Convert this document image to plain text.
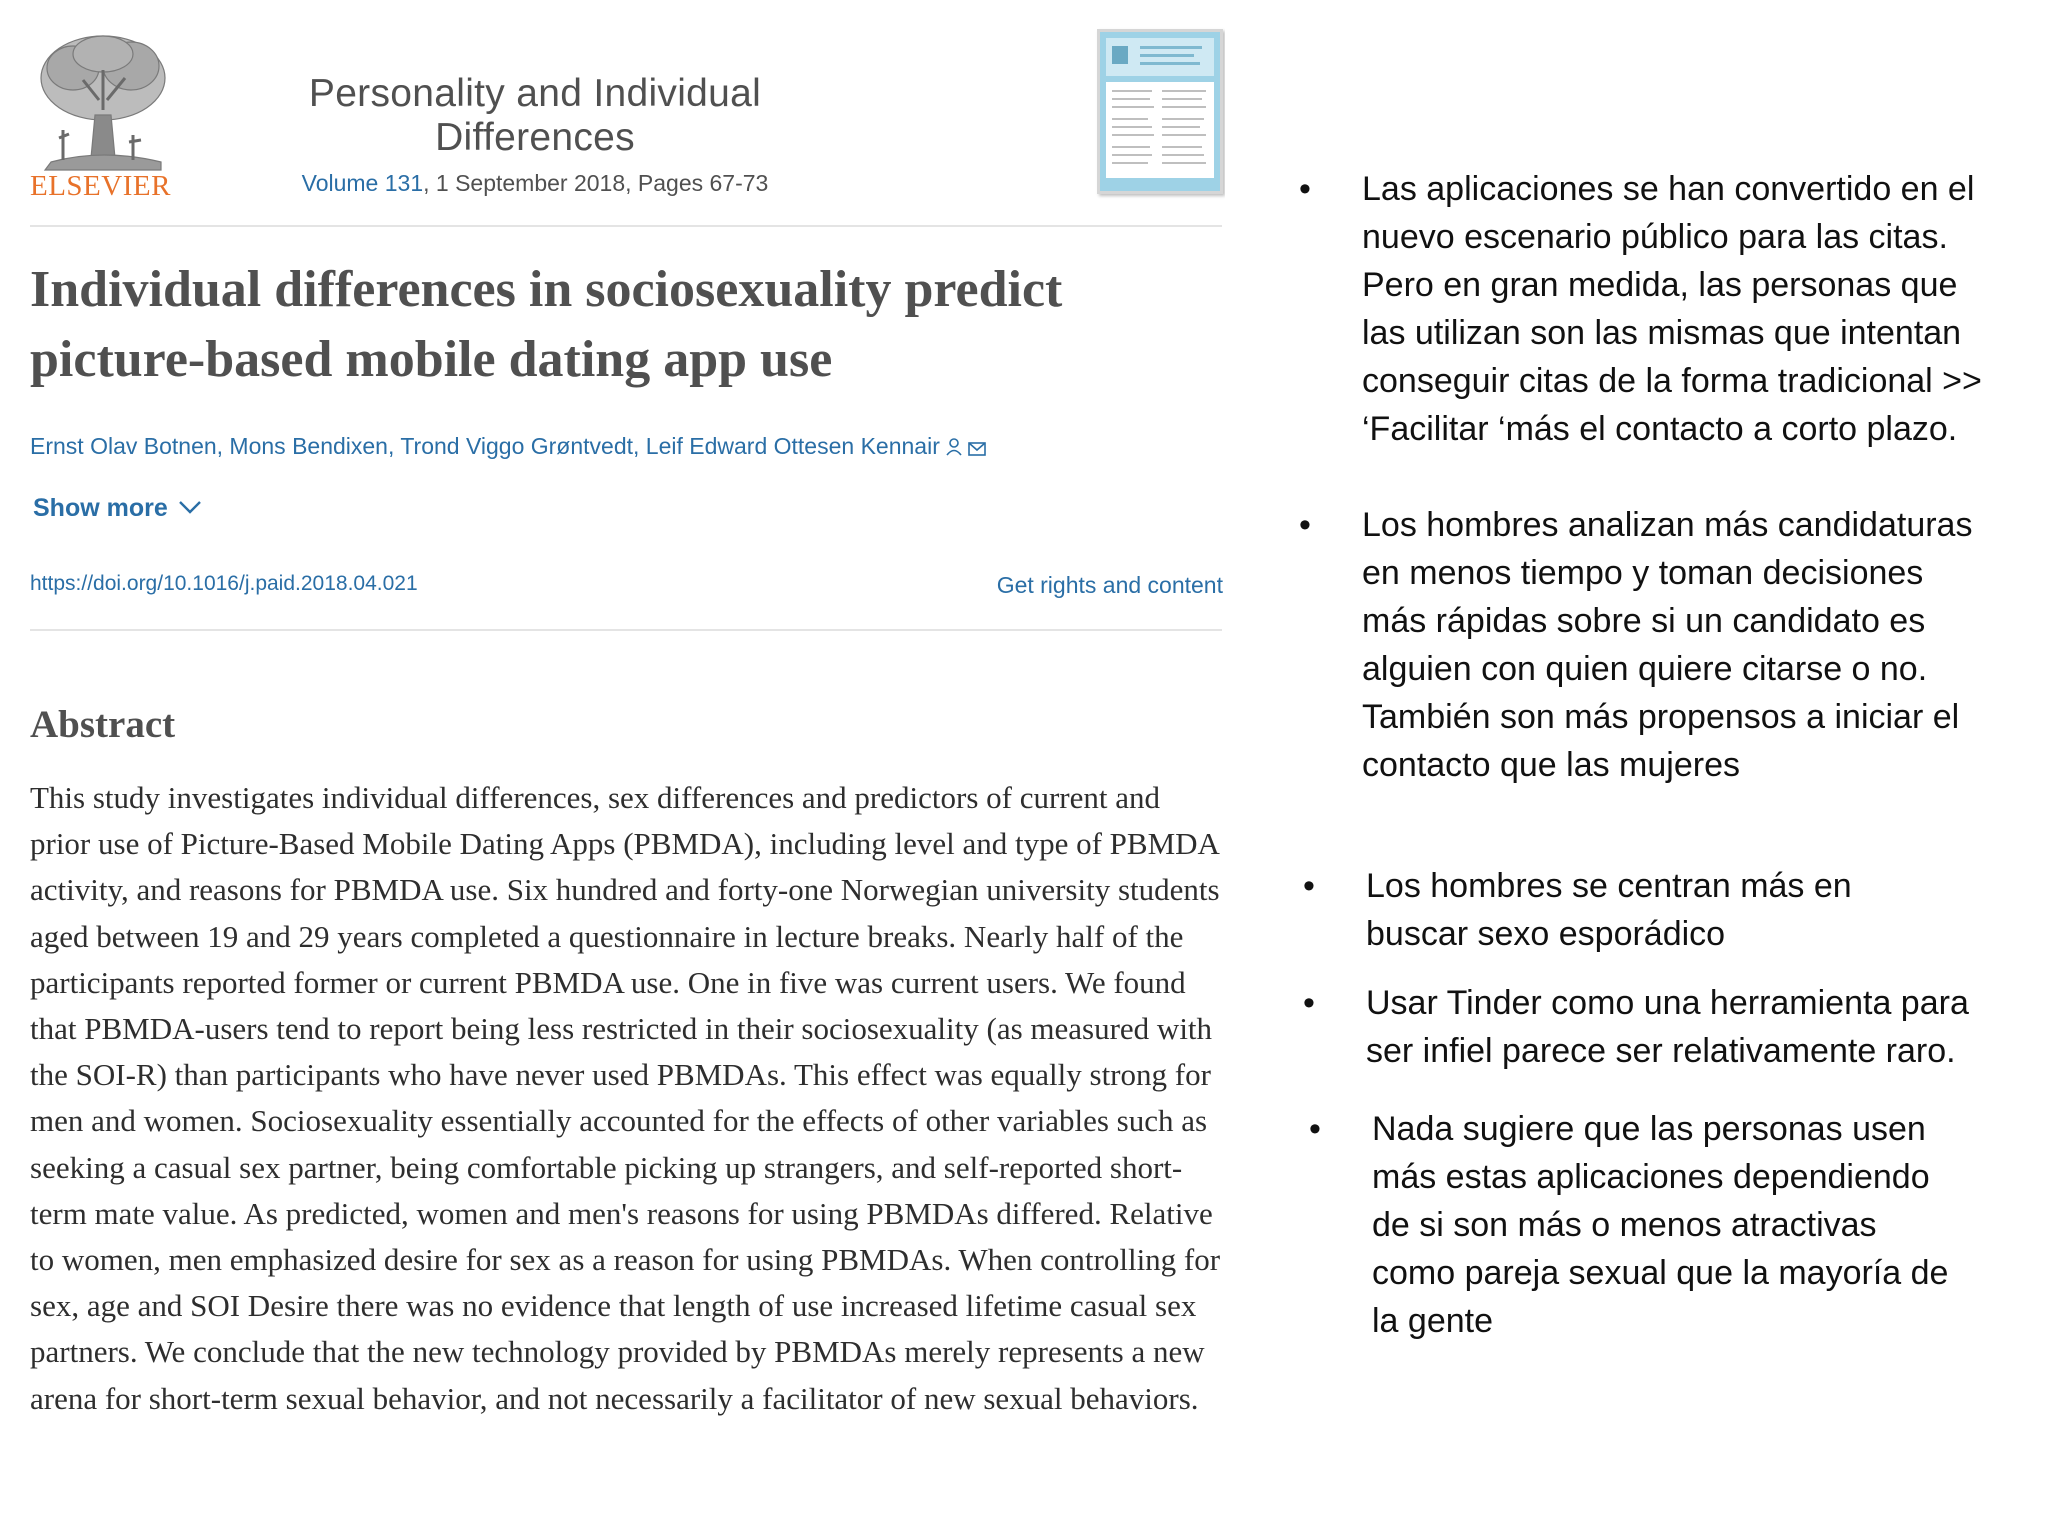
ELSEVIER
Personality and Individual Differences
Volume 131, 1 September 2018, Pages 67-73
Individual differences in sociosexuality predict picture-based mobile dating app use
Ernst Olav Botnen, Mons Bendixen, Trond Viggo Grøntvedt, Leif Edward Ottesen Kennair
Show more
https://doi.org/10.1016/j.paid.2018.04.021	Get rights and content
Abstract

This study investigates individual differences, sex differences and predictors of current and prior use of Picture-Based Mobile Dating Apps (PBMDA), including level and type of PBMDA activity, and reasons for PBMDA use. Six hundred and forty-one Norwegian university students aged between 19 and 29 years completed a questionnaire in lecture breaks. Nearly half of the participants reported former or current PBMDA use. One in five was current users. We found that PBMDA-users tend to report being less restricted in their sociosexuality (as measured with the SOI-R) than participants who have never used PBMDAs. This effect was equally strong for men and women. Sociosexuality essentially accounted for the effects of other variables such as seeking a casual sex partner, being comfortable picking up strangers, and self-reported short-term mate value. As predicted, women and men's reasons for using PBMDAs differed. Relative to women, men emphasized desire for sex as a reason for using PBMDAs. When controlling for sex, age and SOI Desire there was no evidence that length of use increased lifetime casual sex partners. We conclude that the new technology provided by PBMDAs merely represents a new arena for short-term sexual behavior, and not necessarily a facilitator of new sexual behaviors.

• Las aplicaciones se han convertido en el nuevo escenario público para las citas. Pero en gran medida, las personas que las utilizan son las mismas que intentan conseguir citas de la forma tradicional >> ‘Facilitar ‘más el contacto a corto plazo.
• Los hombres analizan más candidaturas en menos tiempo y toman decisiones más rápidas sobre si un candidato es alguien con quien quiere citarse o no. También son más propensos a iniciar el contacto que las mujeres
• Los hombres se centran más en buscar sexo esporádico
• Usar Tinder como una herramienta para ser infiel parece ser relativamente raro.
• Nada sugiere que las personas usen más estas aplicaciones dependiendo de si son más o menos atractivas como pareja sexual que la mayoría de la gente
